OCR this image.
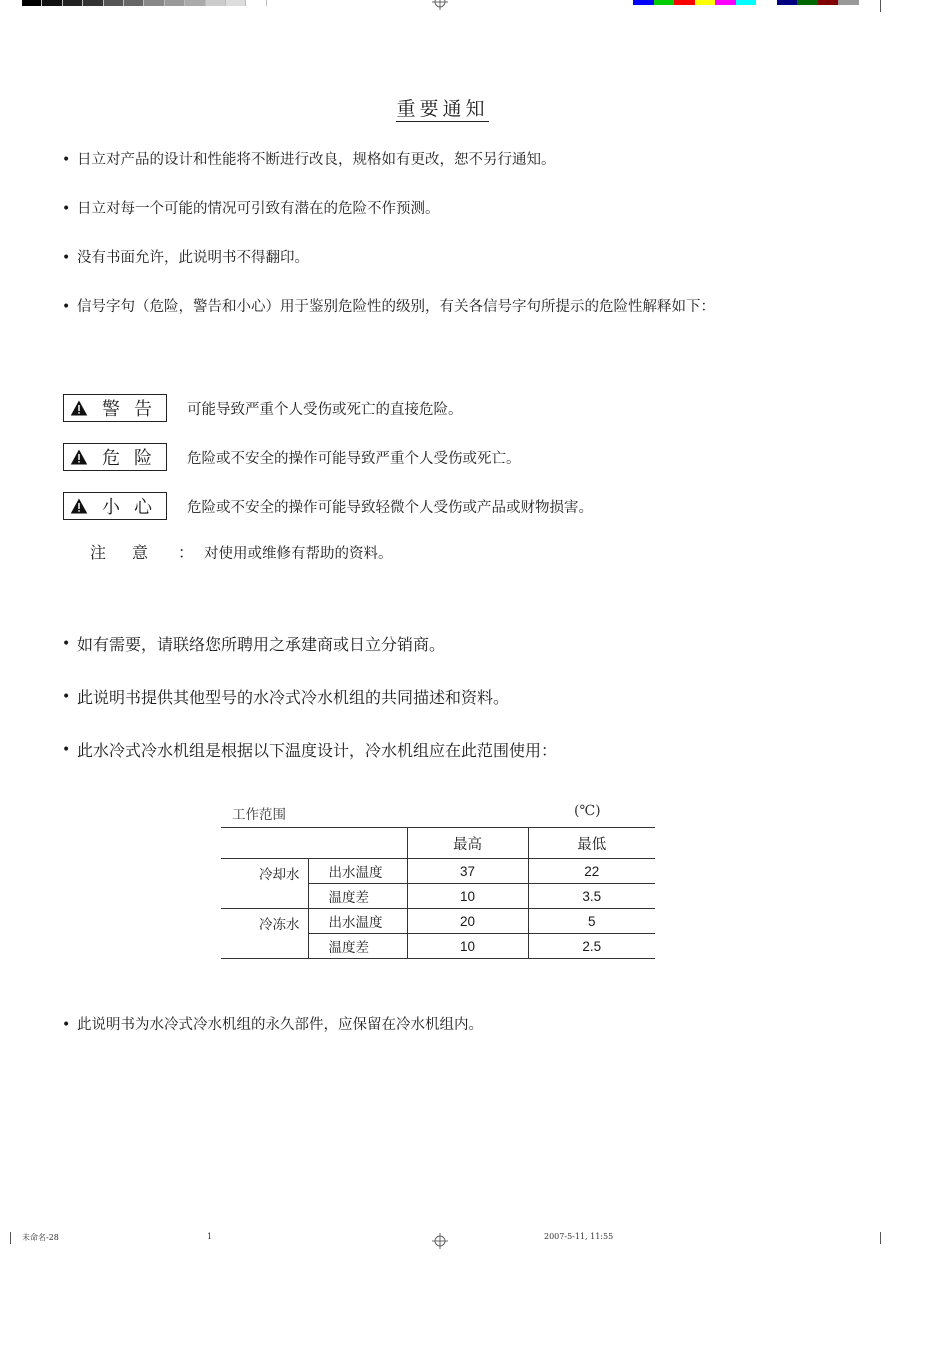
重要通知
• 日立对产品的设计和性能将不断进行改良，规格如有更改，恕不另行通知。
• 日立对每一个可能的情况可引致有潜在的危险不作预测。
• 没有书面允许，此说明书不得翻印。
• 信号字句（危险，警告和小心）用于鉴别危险性的级别，有关各信号字句所提示的危险性解释如下：
警告 可能导致严重个人受伤或死亡的直接危险。
危险 危险或不安全的操作可能导致严重个人受伤或死亡。
小心 危险或不安全的操作可能导致轻微个人受伤或产品或财物损害。
注意 ： 对使用或维修有帮助的资料。
• 如有需要，请联络您所聘用之承建商或日立分销商。
• 此说明书提供其他型号的水冷式冷水机组的共同描述和资料。
• 此水冷式冷水机组是根据以下温度设计，冷水机组应在此范围使用：
工作范围	(℃)
		最高	最低
冷却水	出水温度	37	22
	温度差	10	3.5
冷冻水	出水温度	20	5
	温度差	10	2.5
• 此说明书为水冷式冷水机组的永久部件，应保留在冷水机组内。
未命名-28	1	2007-5-11, 11:55
